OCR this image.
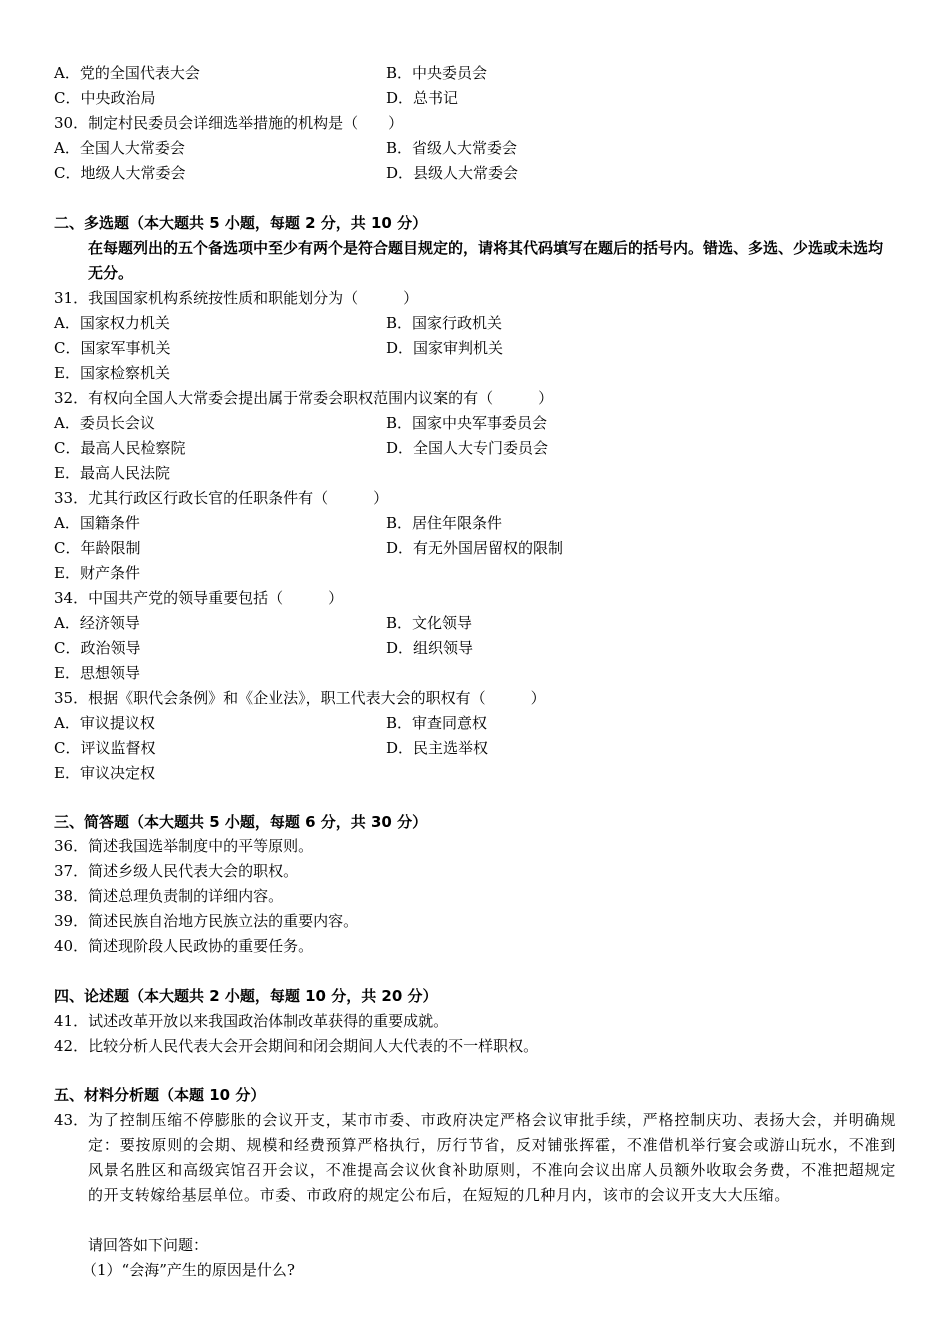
A．党的全国代表大会	B．中央委员会
C．中央政治局	D．总书记
30．制定村民委员会详细选举措施的机构是（　　）
A．全国人大常委会	B．省级人大常委会
C．地级人大常委会	D．县级人大常委会
二、多选题（本大题共 5 小题，每题 2 分，共 10 分）
在每题列出的五个备选项中至少有两个是符合题目规定的，请将其代码填写在题后的括号内。错选、多选、少选或未选均无分。
31．我国国家机构系统按性质和职能划分为（　　　）
A．国家权力机关	B．国家行政机关
C．国家军事机关	D．国家审判机关
E．国家检察机关
32．有权向全国人大常委会提出属于常委会职权范围内议案的有（　　　）
A．委员长会议	B．国家中央军事委员会
C．最高人民检察院	D．全国人大专门委员会
E．最高人民法院
33．尤其行政区行政长官的任职条件有（　　　）
A．国籍条件	B．居住年限条件
C．年龄限制	D．有无外国居留权的限制
E．财产条件
34．中国共产党的领导重要包括（　　　）
A．经济领导	B．文化领导
C．政治领导	D．组织领导
E．思想领导
35．根据《职代会条例》和《企业法》，职工代表大会的职权有（　　　）
A．审议提议权	B．审查同意权
C．评议监督权	D．民主选举权
E．审议决定权
三、简答题（本大题共 5 小题，每题 6 分，共 30 分）
36．简述我国选举制度中的平等原则。
37．简述乡级人民代表大会的职权。
38．简述总理负责制的详细内容。
39．简述民族自治地方民族立法的重要内容。
40．简述现阶段人民政协的重要任务。
四、论述题（本大题共 2 小题，每题 10 分，共 20 分）
41．试述改革开放以来我国政治体制改革获得的重要成就。
42．比较分析人民代表大会开会期间和闭会期间人大代表的不一样职权。
五、材料分析题（本题 10 分）
43． 为了控制压缩不停膨胀的会议开支，某市市委、市政府决定严格会议审批手续，严格控制庆功、表扬大会，并明确规定：要按原则的会期、规模和经费预算严格执行，厉行节省，反对铺张挥霍，不准借机举行宴会或游山玩水，不准到风景名胜区和高级宾馆召开会议，不准提高会议伙食补助原则，不准向会议出席人员额外收取会务费，不准把超规定的开支转嫁给基层单位。市委、市政府的规定公布后，在短短的几种月内，该市的会议开支大大压缩。
请回答如下问题：
（1）“会海”产生的原因是什么?
